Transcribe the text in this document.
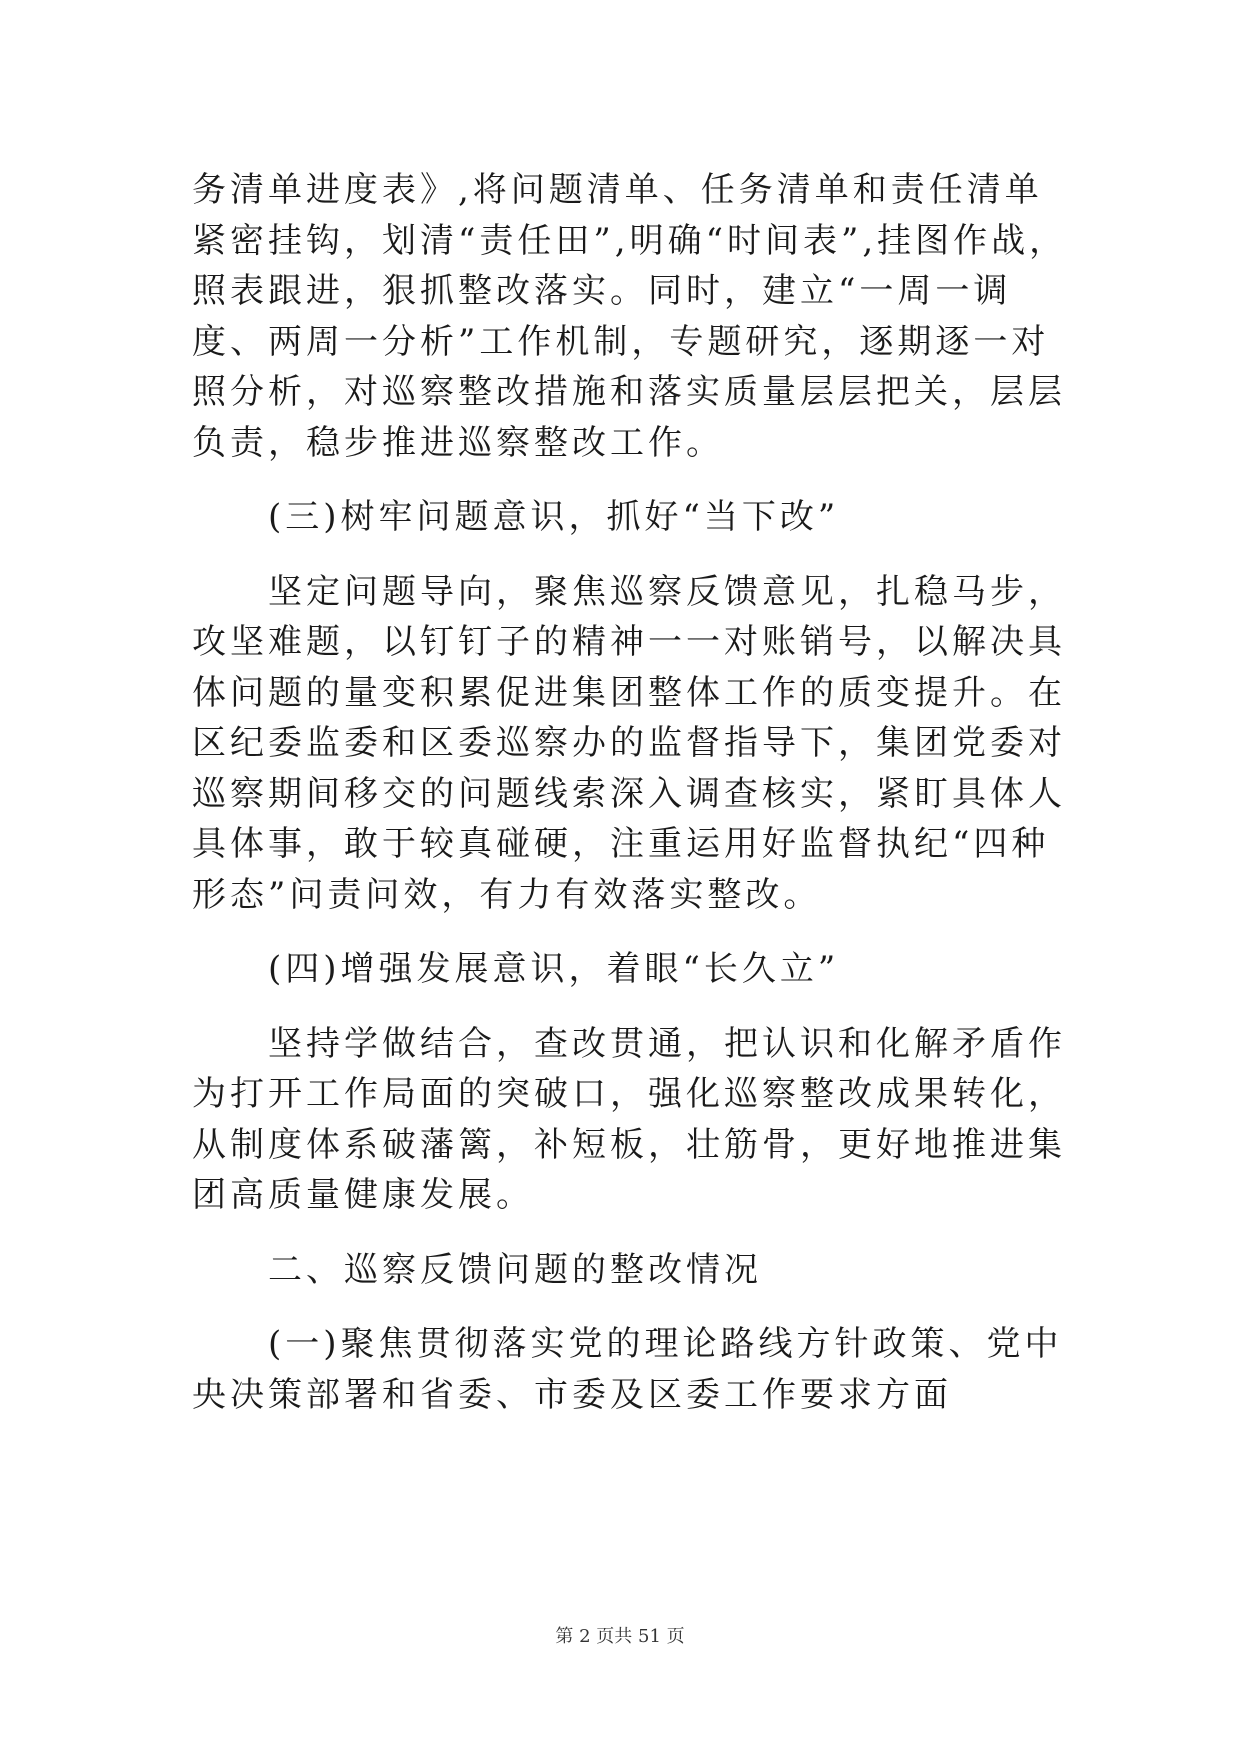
务清单进度表》,将问题清单、任务清单和责任清单紧密挂钩，划清“责任田”,明确“时间表”,挂图作战，照表跟进，狠抓整改落实。同时，建立“一周一调度、两周一分析”工作机制，专题研究，逐期逐一对照分析，对巡察整改措施和落实质量层层把关，层层负责，稳步推进巡察整改工作。

(三)树牢问题意识，抓好“当下改”

坚定问题导向，聚焦巡察反馈意见，扎稳马步，攻坚难题，以钉钉子的精神一一对账销号，以解决具体问题的量变积累促进集团整体工作的质变提升。在区纪委监委和区委巡察办的监督指导下，集团党委对巡察期间移交的问题线索深入调查核实，紧盯具体人具体事，敢于较真碰硬，注重运用好监督执纪“四种形态”问责问效，有力有效落实整改。

(四)增强发展意识，着眼“长久立”

坚持学做结合，查改贯通，把认识和化解矛盾作为打开工作局面的突破口，强化巡察整改成果转化，从制度体系破藩篱，补短板，壮筋骨，更好地推进集团高质量健康发展。

二、巡察反馈问题的整改情况

(一)聚焦贯彻落实党的理论路线方针政策、党中央决策部署和省委、市委及区委工作要求方面

第 2 页共 51 页
